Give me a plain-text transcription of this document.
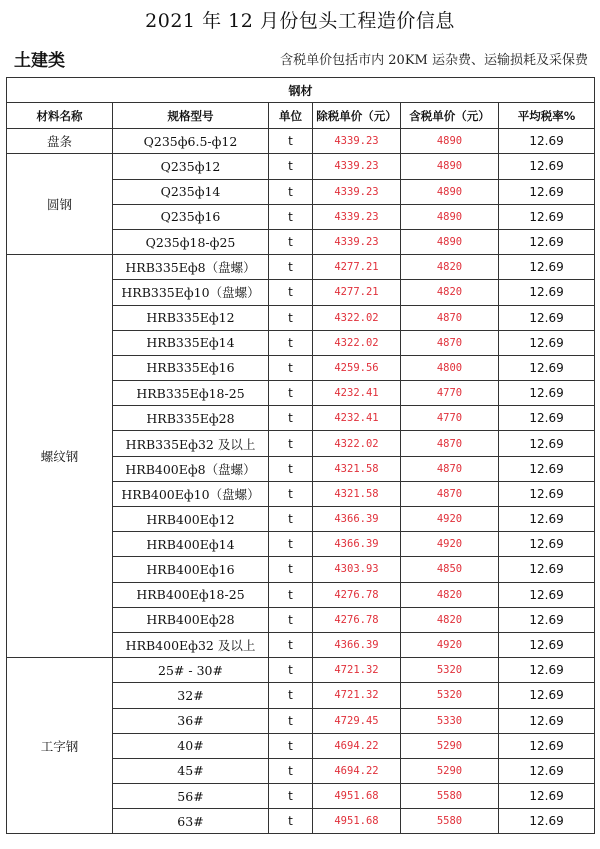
2021 年 12 月份包头工程造价信息
土建类	含税单价包括市内 20KM 运杂费、运输损耗及采保费
钢材					
材料名称	规格型号	单位	除税单价（元）	含税单价（元）	平均税率%
盘条	Q235ф6.5-ф12	t	4339.23	4890	12.69
圆钢	Q235ф12	t	4339.23	4890	12.69
	Q235ф14	t	4339.23	4890	12.69
	Q235ф16	t	4339.23	4890	12.69
	Q235ф18-ф25	t	4339.23	4890	12.69
螺纹钢	HRB335Eф8（盘螺）	t	4277.21	4820	12.69
	HRB335Eф10（盘螺）	t	4277.21	4820	12.69
	HRB335Eф12	t	4322.02	4870	12.69
	HRB335Eф14	t	4322.02	4870	12.69
	HRB335Eф16	t	4259.56	4800	12.69
	HRB335Eф18-25	t	4232.41	4770	12.69
	HRB335Eф28	t	4232.41	4770	12.69
	HRB335Eф32 及以上	t	4322.02	4870	12.69
	HRB400Eф8（盘螺）	t	4321.58	4870	12.69
	HRB400Eф10（盘螺）	t	4321.58	4870	12.69
	HRB400Eф12	t	4366.39	4920	12.69
	HRB400Eф14	t	4366.39	4920	12.69
	HRB400Eф16	t	4303.93	4850	12.69
	HRB400Eф18-25	t	4276.78	4820	12.69
	HRB400Eф28	t	4276.78	4820	12.69
	HRB400Eф32 及以上	t	4366.39	4920	12.69
工字钢	25# - 30#	t	4721.32	5320	12.69
	32#	t	4721.32	5320	12.69
	36#	t	4729.45	5330	12.69
	40#	t	4694.22	5290	12.69
	45#	t	4694.22	5290	12.69
	56#	t	4951.68	5580	12.69
	63#	t	4951.68	5580	12.69
